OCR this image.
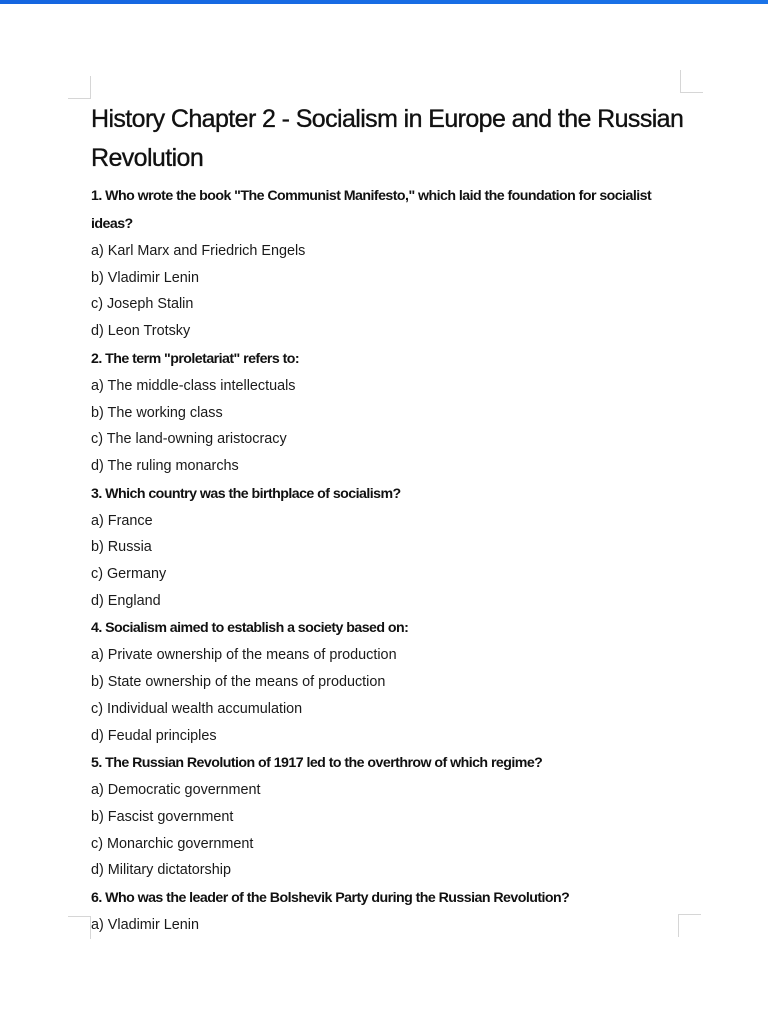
History Chapter 2 - Socialism in Europe and the Russian Revolution

1. Who wrote the book "The Communist Manifesto," which laid the foundation for socialist ideas?

a) Karl Marx and Friedrich Engels

b) Vladimir Lenin

c) Joseph Stalin

d) Leon Trotsky

2. The term "proletariat" refers to:

a) The middle-class intellectuals

b) The working class

c) The land-owning aristocracy

d) The ruling monarchs

3. Which country was the birthplace of socialism?

a) France

b) Russia

c) Germany

d) England

4. Socialism aimed to establish a society based on:

a) Private ownership of the means of production

b) State ownership of the means of production

c) Individual wealth accumulation

d) Feudal principles

5. The Russian Revolution of 1917 led to the overthrow of which regime?

a) Democratic government

b) Fascist government

c) Monarchic government

d) Military dictatorship

6. Who was the leader of the Bolshevik Party during the Russian Revolution?

a) Vladimir Lenin
